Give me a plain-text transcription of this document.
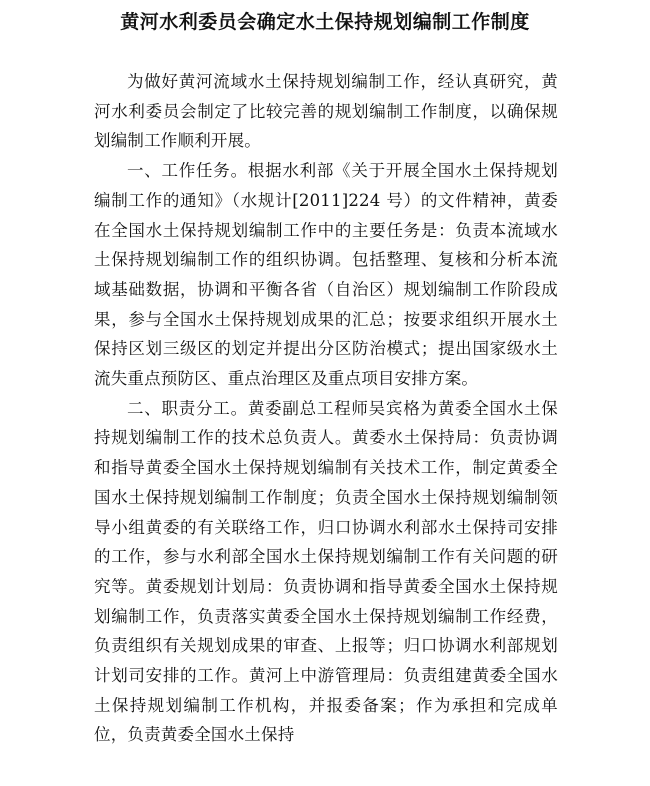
黄河水利委员会确定水土保持规划编制工作制度

为做好黄河流域水土保持规划编制工作，经认真研究，黄河水利委员会制定了比较完善的规划编制工作制度，以确保规划编制工作顺利开展。

一、工作任务。根据水利部《关于开展全国水土保持规划编制工作的通知》（水规计[2011]224 号）的文件精神，黄委在全国水土保持规划编制工作中的主要任务是：负责本流域水土保持规划编制工作的组织协调。包括整理、复核和分析本流域基础数据，协调和平衡各省（自治区）规划编制工作阶段成果，参与全国水土保持规划成果的汇总；按要求组织开展水土保持区划三级区的划定并提出分区防治模式；提出国家级水土流失重点预防区、重点治理区及重点项目安排方案。

二、职责分工。黄委副总工程师吴宾格为黄委全国水土保持规划编制工作的技术总负责人。黄委水土保持局：负责协调和指导黄委全国水土保持规划编制有关技术工作，制定黄委全国水土保持规划编制工作制度；负责全国水土保持规划编制领导小组黄委的有关联络工作，归口协调水利部水土保持司安排的工作，参与水利部全国水土保持规划编制工作有关问题的研究等。黄委规划计划局：负责协调和指导黄委全国水土保持规划编制工作，负责落实黄委全国水土保持规划编制工作经费，负责组织有关规划成果的审查、上报等；归口协调水利部规划计划司安排的工作。黄河上中游管理局：负责组建黄委全国水土保持规划编制工作机构，并报委备案；作为承担和完成单位，负责黄委全国水土保持
